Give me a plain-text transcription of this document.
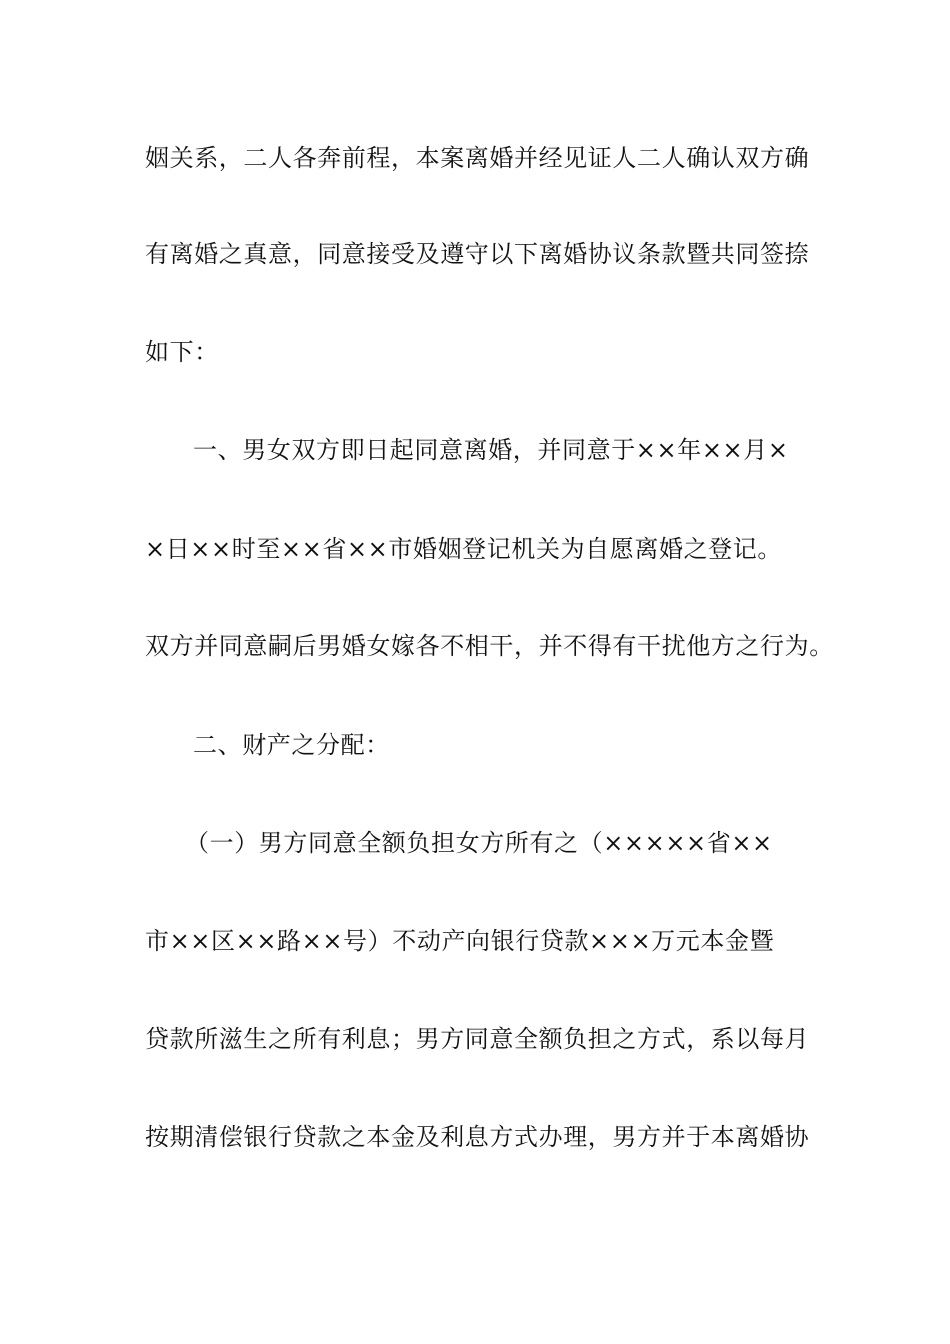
姻关系，二人各奔前程，本案离婚并经见证人二人确认双方确
有离婚之真意，同意接受及遵守以下离婚协议条款暨共同签捺
如下：
一、男女双方即日起同意离婚，并同意于××年××月×
×日××时至××省××市婚姻登记机关为自愿离婚之登记。
双方并同意嗣后男婚女嫁各不相干，并不得有干扰他方之行为。
二、财产之分配：
（一）男方同意全额负担女方所有之（×××××省××
市××区××路××号）不动产向银行贷款×××万元本金暨
贷款所滋生之所有利息；男方同意全额负担之方式，系以每月
按期清偿银行贷款之本金及利息方式办理，男方并于本离婚协
